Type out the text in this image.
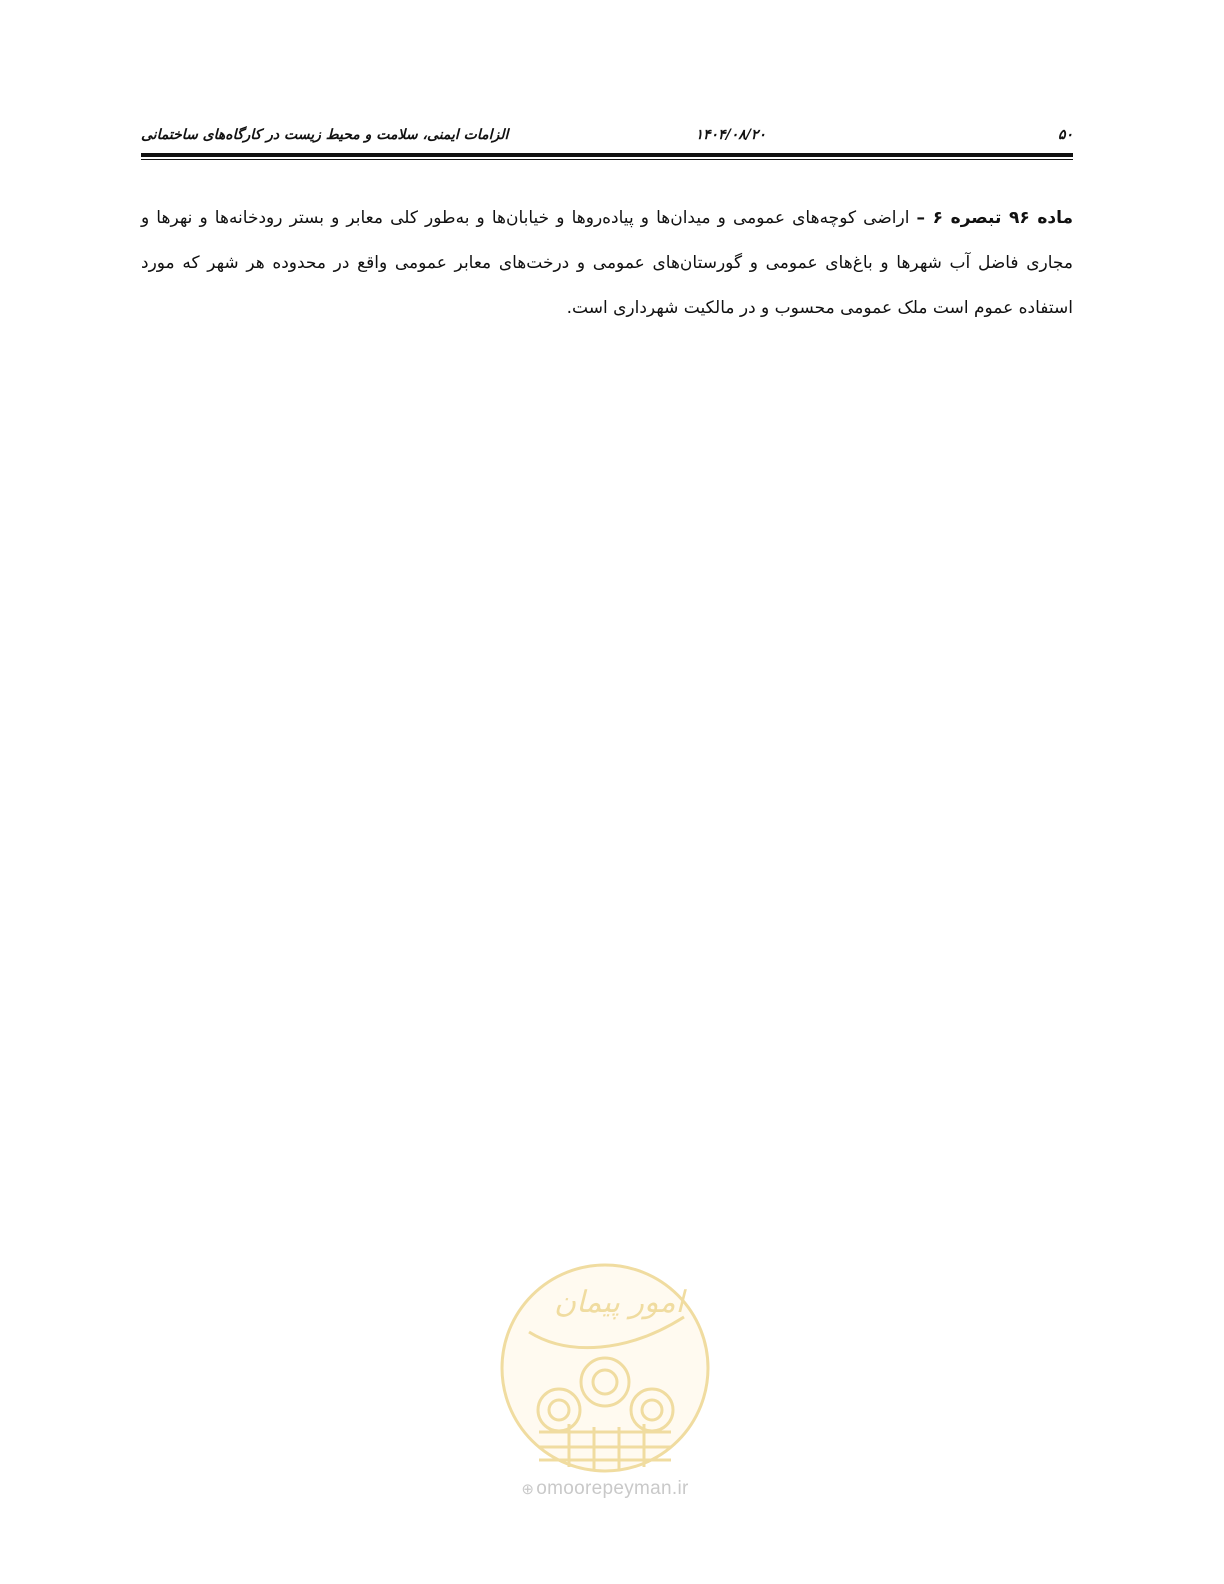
۵۰
۱۴۰۴/۰۸/۲۰
الزامات ایمنی، سلامت و محیط زیست در کارگاه‌های ساختمانی

ماده ۹۶ تبصره ۶ – اراضی کوچه‌های عمومی و میدان‌ها و پیاده‌روها و خیابان‌ها و به‌طور کلی معابر و بستر رودخانه‌ها و نهرها و مجاری فاضل آب شهرها و باغ‌های عمومی و گورستان‌های عمومی و درخت‌های معابر عمومی واقع در محدوده هر شهر که مورد استفاده عموم است ملک عمومی محسوب و در مالکیت شهرداری است.

امور پیمان
⊕ omoorepeyman.ir
